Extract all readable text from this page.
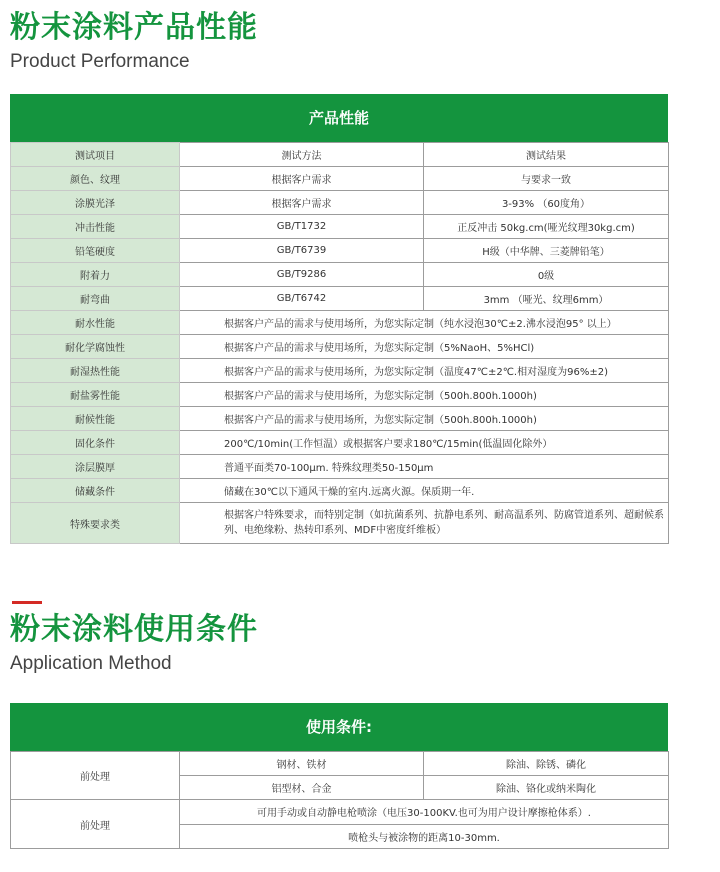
粉末涂料产品性能
Product Performance
产品性能
测试项目	测试方法	测试结果
颜色、纹理	根据客户需求	与要求一致
涂膜光泽	根据客户需求	3-93% （60度角）
冲击性能	GB/T1732	正反冲击 50kg.cm(哑光纹理30kg.cm)
铅笔硬度	GB/T6739	H级（中华牌、三菱牌铅笔）
附着力	GB/T9286	0级
耐弯曲	GB/T6742	3mm （哑光、纹理6mm）
耐水性能	根据客户产品的需求与使用场所，为您实际定制（纯水浸泡30℃±2.沸水浸泡95° 以上）	
耐化学腐蚀性	根据客户产品的需求与使用场所，为您实际定制（5%NaoH、5%HCl)	
耐湿热性能	根据客户产品的需求与使用场所，为您实际定制（温度47℃±2℃.相对湿度为96%±2)	
耐盐雾性能	根据客户产品的需求与使用场所，为您实际定制（500h.800h.1000h)	
耐候性能	根据客户产品的需求与使用场所，为您实际定制（500h.800h.1000h)	
固化条件	200℃/10min(工作恒温）或根据客户要求180℃/15min(低温固化除外）	
涂层膜厚	普通平面类70-100μm. 特殊纹理类50-150μm	
储藏条件	储藏在30℃以下通风干燥的室内.远离火源。保质期一年.	
特殊要求类	根据客户特殊要求，而特别定制（如抗菌系列、抗静电系列、耐高温系列、防腐管道系列、超耐候系列、电绝缘粉、热转印系列、MDF中密度纤维板）	
粉末涂料使用条件
Application Method
使用条件:
前处理	钢材、铁材	除油、除锈、磷化
	铝型材、合金	除油、铬化或纳米陶化
前处理	可用手动或自动静电枪喷涂（电压30-100KV.也可为用户设计摩擦枪体系）.	
	喷枪头与被涂物的距离10-30mm.	
